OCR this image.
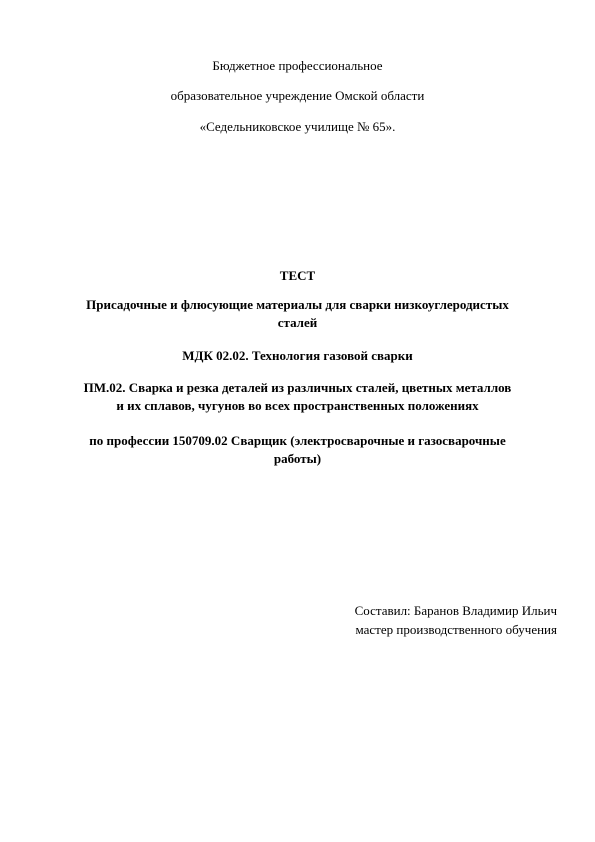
Бюджетное профессиональное
образовательное учреждение Омской области
«Седельниковское училище № 65».
ТЕСТ
Присадочные и флюсующие материалы для сварки низкоуглеродистых
сталей
МДК 02.02. Технология газовой сварки
ПМ.02. Сварка и резка деталей из различных сталей, цветных металлов
и их сплавов, чугунов во всех пространственных положениях
по профессии 150709.02 Сварщик (электросварочные и газосварочные
работы)
Составил: Баранов Владимир Ильич
мастер производственного обучения
